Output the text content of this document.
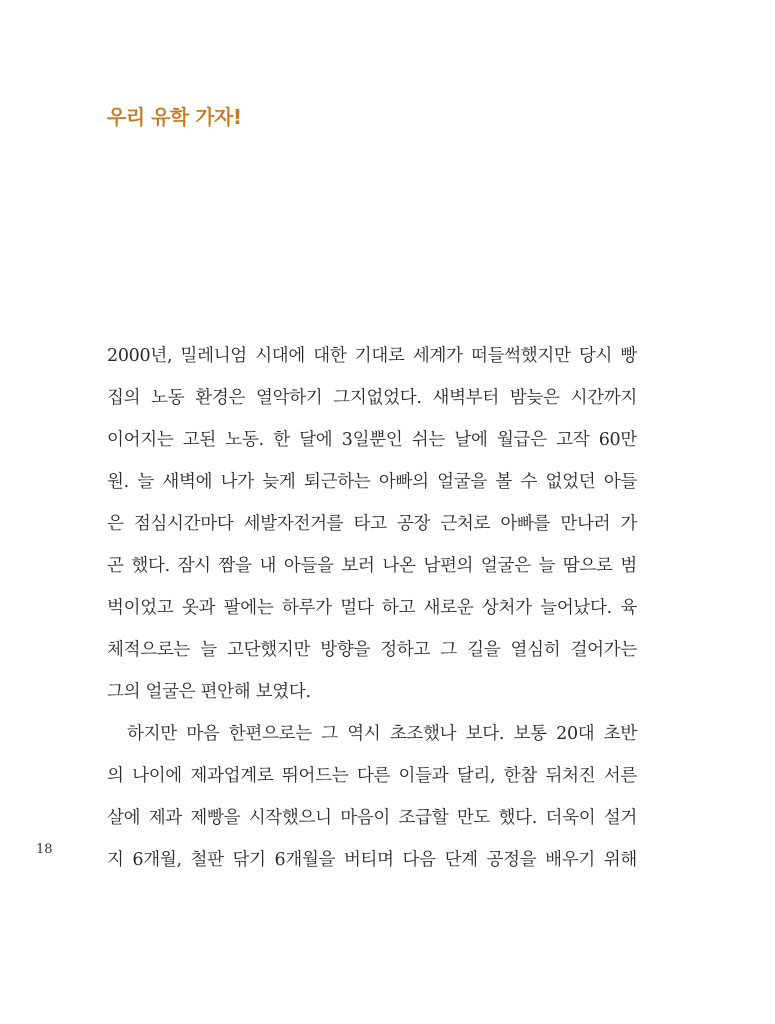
우리 유학 가자!
2000년, 밀레니엄 시대에 대한 기대로 세계가 떠들썩했지만 당시 빵
집의 노동 환경은 열악하기 그지없었다. 새벽부터 밤늦은 시간까지
이어지는 고된 노동. 한 달에 3일뿐인 쉬는 날에 월급은 고작 60만
원. 늘 새벽에 나가 늦게 퇴근하는 아빠의 얼굴을 볼 수 없었던 아들
은 점심시간마다 세발자전거를 타고 공장 근처로 아빠를 만나러 가
곤 했다. 잠시 짬을 내 아들을 보러 나온 남편의 얼굴은 늘 땀으로 범
벅이었고 옷과 팔에는 하루가 멀다 하고 새로운 상처가 늘어났다. 육
체적으로는 늘 고단했지만 방향을 정하고 그 길을 열심히 걸어가는
그의 얼굴은 편안해 보였다.
하지만 마음 한편으로는 그 역시 초조했나 보다. 보통 20대 초반
의 나이에 제과업계로 뛰어드는 다른 이들과 달리, 한참 뒤처진 서른
살에 제과 제빵을 시작했으니 마음이 조급할 만도 했다. 더욱이 설거
지 6개월, 철판 닦기 6개월을 버티며 다음 단계 공정을 배우기 위해
18
